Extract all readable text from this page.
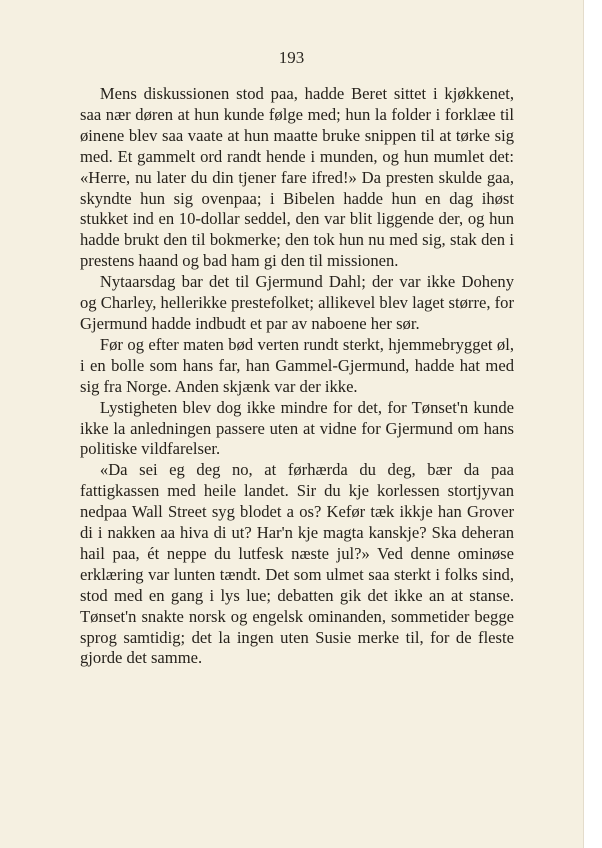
193

Mens diskussionen stod paa, hadde Beret sittet i kjøkkenet, saa nær døren at hun kunde følge med; hun la folder i forklæe til øinene blev saa vaate at hun maatte bruke snippen til at tørke sig med. Et gammelt ord randt hende i munden, og hun mumlet det: «Herre, nu later du din tjener fare ifred!» Da presten skulde gaa, skyndte hun sig ovenpaa; i Bibelen hadde hun en dag ihøst stukket ind en 10-dollar seddel, den var blit liggende der, og hun hadde brukt den til bokmerke; den tok hun nu med sig, stak den i prestens haand og bad ham gi den til missionen.

Nytaarsdag bar det til Gjermund Dahl; der var ikke Doheny og Charley, hellerikke prestefolket; allikevel blev laget større, for Gjermund hadde indbudt et par av naboene her sør.

Før og efter maten bød verten rundt sterkt, hjemmebrygget øl, i en bolle som hans far, han Gammel-Gjermund, hadde hat med sig fra Norge. Anden skjænk var der ikke.

Lystigheten blev dog ikke mindre for det, for Tønset'n kunde ikke la anledningen passere uten at vidne for Gjermund om hans politiske vildfarelser.

«Da sei eg deg no, at førhærda du deg, bær da paa fattigkassen med heile landet. Sir du kje korlessen stortjyvan nedpaa Wall Street syg blodet a os? Kefør tæk ikkje han Grover di i nakken aa hiva di ut? Har'n kje magta kanskje? Ska deheran hail paa, ét neppe du lutfesk næste jul?» Ved denne ominøse erklæring var lunten tændt. Det som ulmet saa sterkt i folks sind, stod med en gang i lys lue; debatten gik det ikke an at stanse. Tønset'n snakte norsk og engelsk ominanden, sommetider begge sprog samtidig; det la ingen uten Susie merke til, for de fleste gjorde det samme.
